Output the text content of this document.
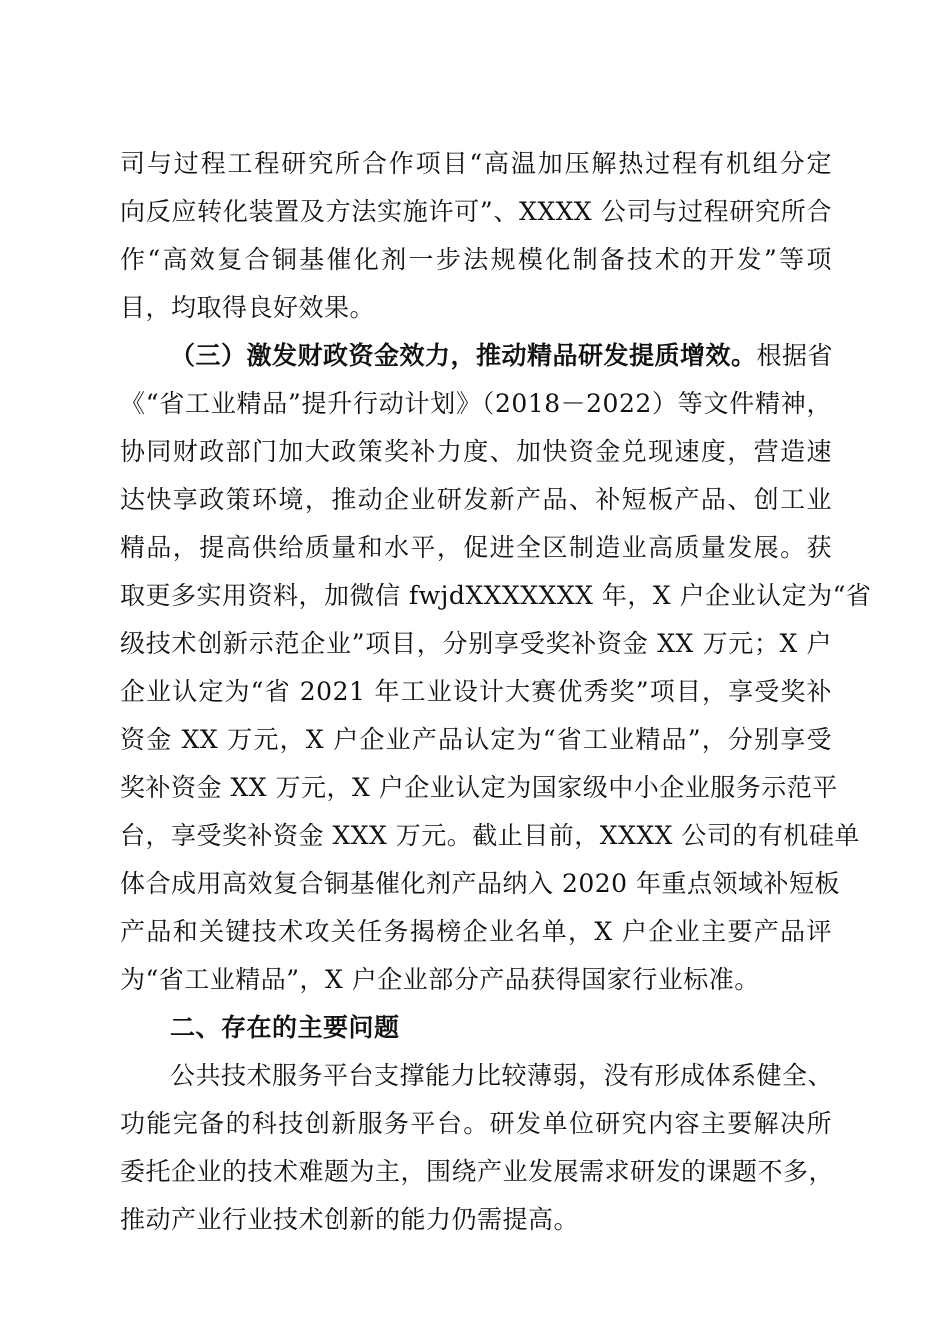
司与过程工程研究所合作项目“高温加压解热过程有机组分定
向反应转化装置及方法实施许可”、XXXX 公司与过程研究所合
作“高效复合铜基催化剂一步法规模化制备技术的开发”等项
目，均取得良好效果。
（三）激发财政资金效力，推动精品研发提质增效。根据省
《“省工业精品”提升行动计划》（2018－2022）等文件精神，
协同财政部门加大政策奖补力度、加快资金兑现速度，营造速
达快享政策环境，推动企业研发新产品、补短板产品、创工业
精品，提高供给质量和水平，促进全区制造业高质量发展。获
取更多实用资料，加微信 fwjdXXXXXXX 年，X 户企业认定为“省
级技术创新示范企业”项目，分别享受奖补资金 XX 万元；X 户
企业认定为“省 2021 年工业设计大赛优秀奖”项目，享受奖补
资金 XX 万元，X 户企业产品认定为“省工业精品”，分别享受
奖补资金 XX 万元，X 户企业认定为国家级中小企业服务示范平
台，享受奖补资金 XXX 万元。截止目前，XXXX 公司的有机硅单
体合成用高效复合铜基催化剂产品纳入 2020 年重点领域补短板
产品和关键技术攻关任务揭榜企业名单，X 户企业主要产品评
为“省工业精品”，X 户企业部分产品获得国家行业标准。
二、存在的主要问题
公共技术服务平台支撑能力比较薄弱，没有形成体系健全、
功能完备的科技创新服务平台。研发单位研究内容主要解决所
委托企业的技术难题为主，围绕产业发展需求研发的课题不多，
推动产业行业技术创新的能力仍需提高。
